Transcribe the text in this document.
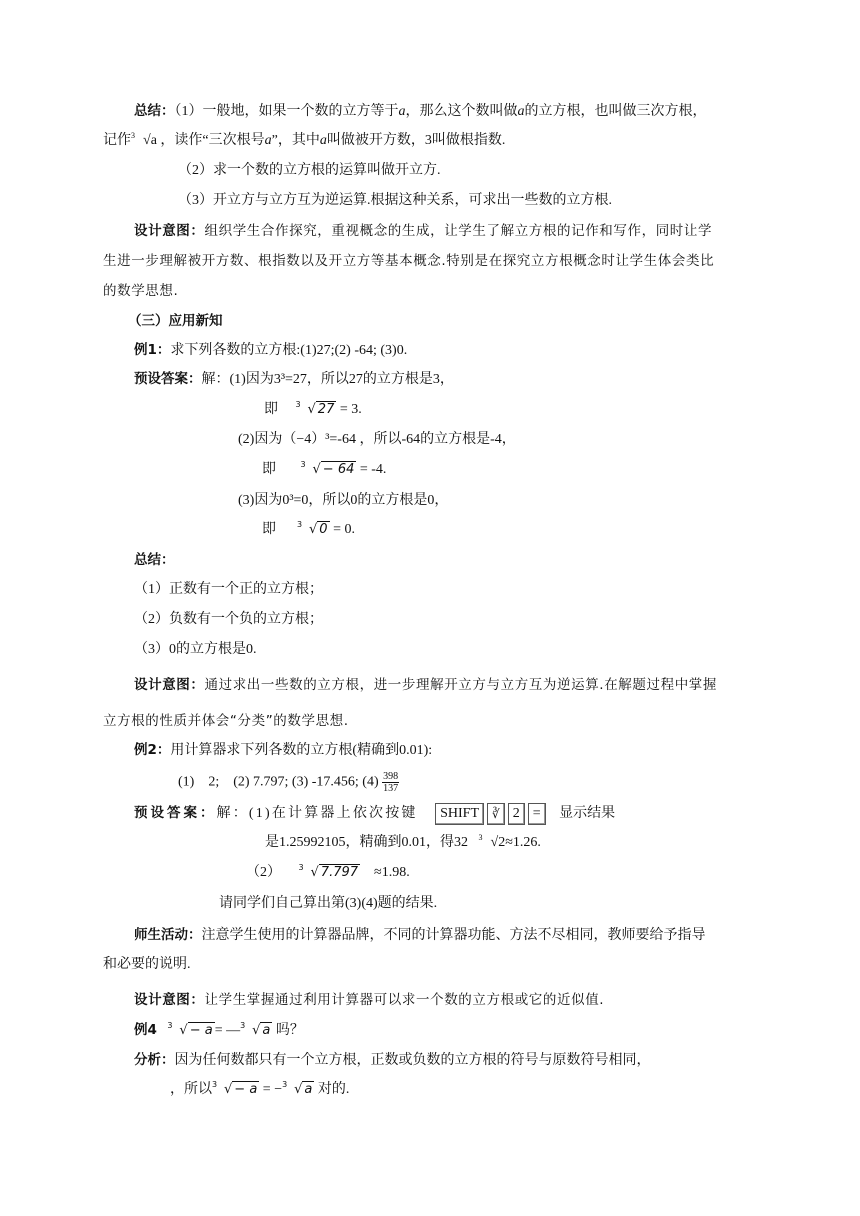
总结：（1）一般地，如果一个数的立方等于a，那么这个数叫做a的立方根，也叫做三次方根，
记作 3 √a ，读作“三次根号a”，其中a叫做被开方数，3叫做根指数.
（2）求一个数的立方根的运算叫做开立方.
（3）开立方与立方互为逆运算.根据这种关系，可求出一些数的立方根.
设计意图：组织学生合作探究，重视概念的生成，让学生了解立方根的记作和写作，同时让学
生进一步理解被开方数、根指数以及开立方等基本概念.特别是在探究立方根概念时让学生体会类比
的数学思想.
（三）应用新知
例1：求下列各数的立方根:(1)27;(2) -64; (3)0.
预设答案：解：(1)因为3³=27，所以27的立方根是3，
即 3 √ 27 = 3.
(2)因为（−4）³=-64 ，所以-64的立方根是-4，
即	3 √ − 64 = -4.
(3)因为0³=0，所以0的立方根是0，
即	3 √ 0 = 0.
总结：
（1）正数有一个正的立方根；
（2）负数有一个负的立方根；
（3）0的立方根是0.
设计意图：通过求出一些数的立方根，进一步理解开立方与立方互为逆运算.在解题过程中掌握
立方根的性质并体会“分类”的数学思想.
例2：用计算器求下列各数的立方根(精确到0.01):
(1)　2;　(2) 7.797; (3) -17.456; $(4) \frac{398}{137}$
预设答案：解：(1)在计算器上依次按键 SHIFT ∛ 2 = 显示结果
是1.25992105，精确到0.01，得32 3 √2≈1.26.
（2） 3 √ 7.797 ≈1.98.
请同学们自己算出第(3)(4)题的结果.
师生活动：注意学生使用的计算器品牌，不同的计算器功能、方法不尽相同，教师要给予指导
和必要的说明.
设计意图：让学生掌握通过利用计算器可以求一个数的立方根或它的近似值.
例4 3 √ − a = — 3 √ a 吗？
分析：因为任何数都只有一个立方根，正数或负数的立方根的符号与原数符号相同，
，所以 3 √ − a = − 3 √ a 对的.
